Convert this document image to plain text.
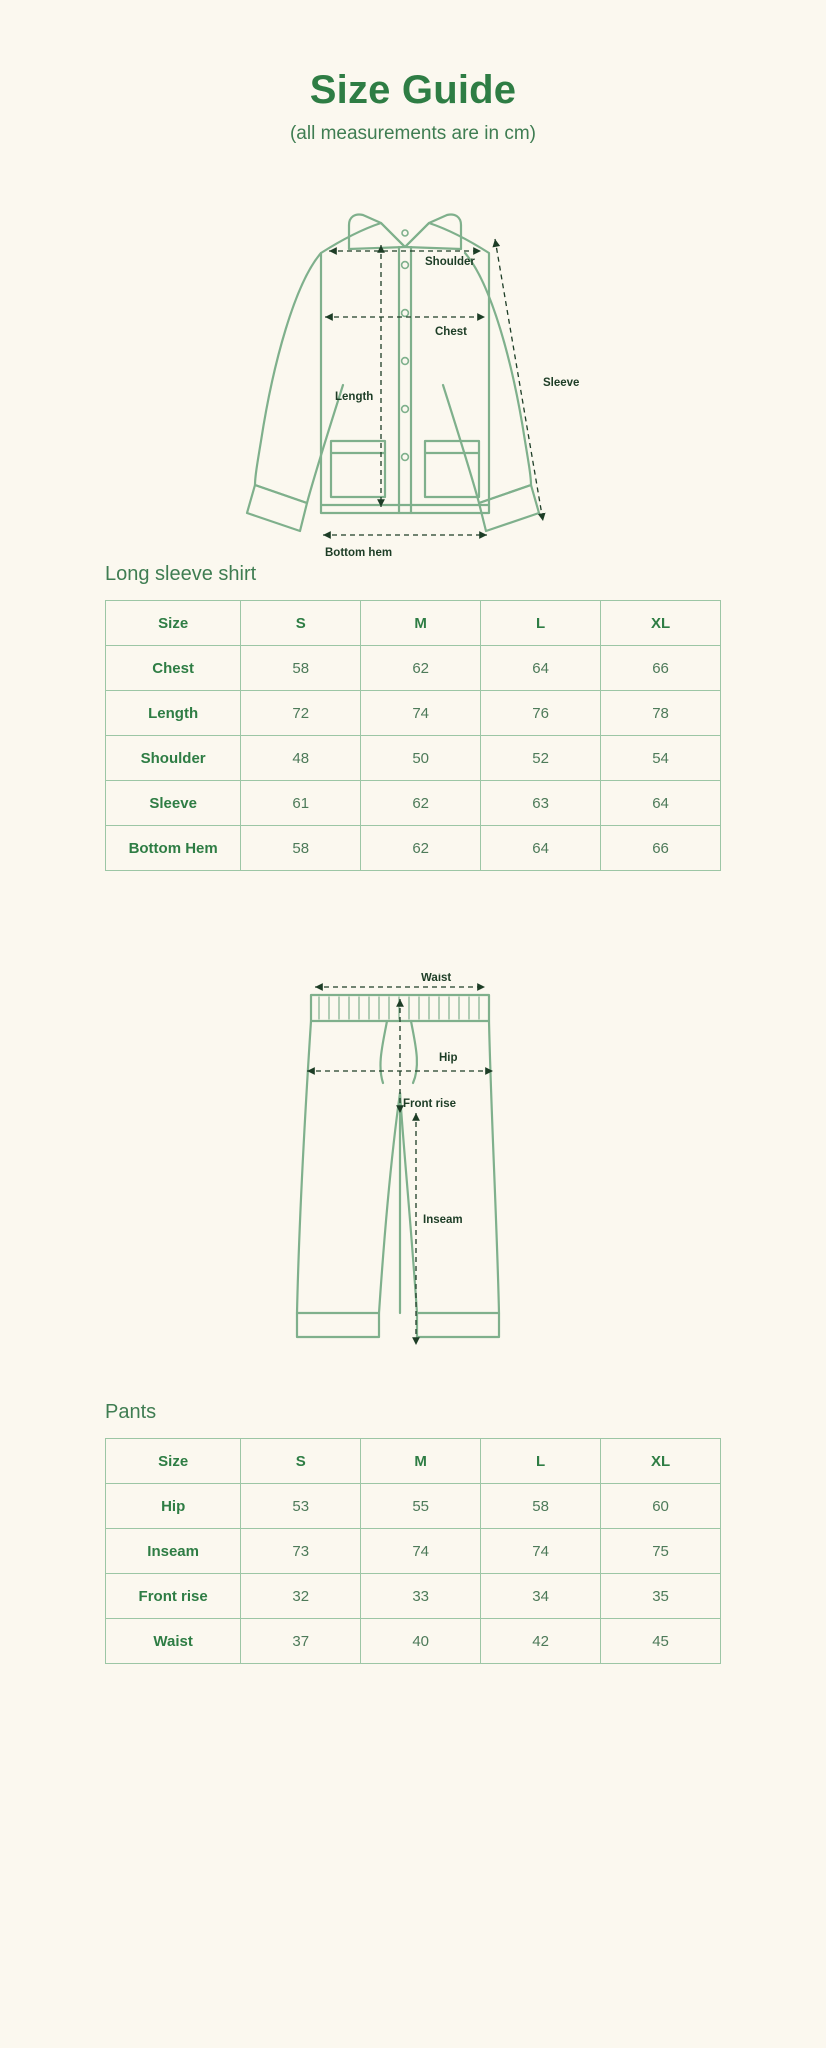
Size Guide
(all measurements are in cm)
Shoulder
Chest
Length
Sleeve
Bottom hem
Long sleeve shirt
Size	S	M	L	XL
Chest	58	62	64	66
Length	72	74	76	78
Shoulder	48	50	52	54
Sleeve	61	62	63	64
Bottom Hem	58	62	64	66
Waist
Hip
Front rise
Inseam
Pants
Size	S	M	L	XL
Hip	53	55	58	60
Inseam	73	74	74	75
Front rise	32	33	34	35
Waist	37	40	42	45
